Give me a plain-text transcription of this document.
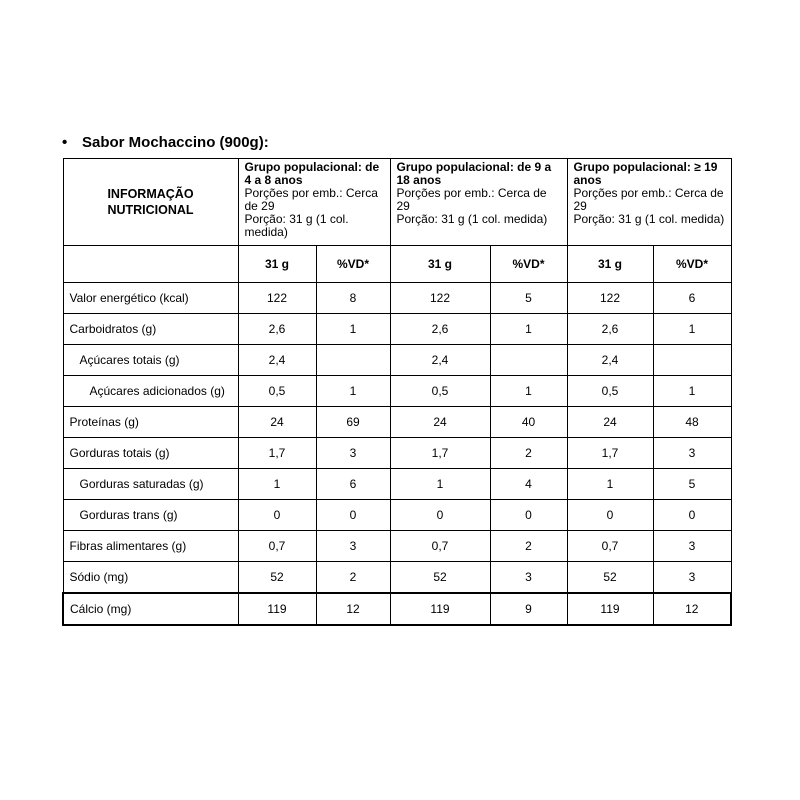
• Sabor Mochaccino (900g):
INFORMAÇÃO
NUTRICIONAL	Grupo populacional: de 4 a 8 anos
Porções por emb.: Cerca de 29
Porção: 31 g (1 col. medida)		Grupo populacional: de 9 a 18 anos
Porções por emb.: Cerca de 29
Porção: 31 g (1 col. medida)		Grupo populacional: ≥ 19 anos
Porções por emb.: Cerca de 29
Porção: 31 g (1 col. medida)	

	31 g	%VD*	31 g	%VD*	31 g	%VD*
Valor energético (kcal)	122	8	122	5	122	6
Carboidratos (g)	2,6	1	2,6	1	2,6	1
Açúcares totais (g)	2,4		2,4		2,4	
Açúcares adicionados (g)	0,5	1	0,5	1	0,5	1
Proteínas (g)	24	69	24	40	24	48
Gorduras totais (g)	1,7	3	1,7	2	1,7	3
Gorduras saturadas (g)	1	6	1	4	1	5
Gorduras trans (g)	0	0	0	0	0	0
Fibras alimentares (g)	0,7	3	0,7	2	0,7	3
Sódio (mg)	52	2	52	3	52	3
Cálcio (mg)	119	12	119	9	119	12
